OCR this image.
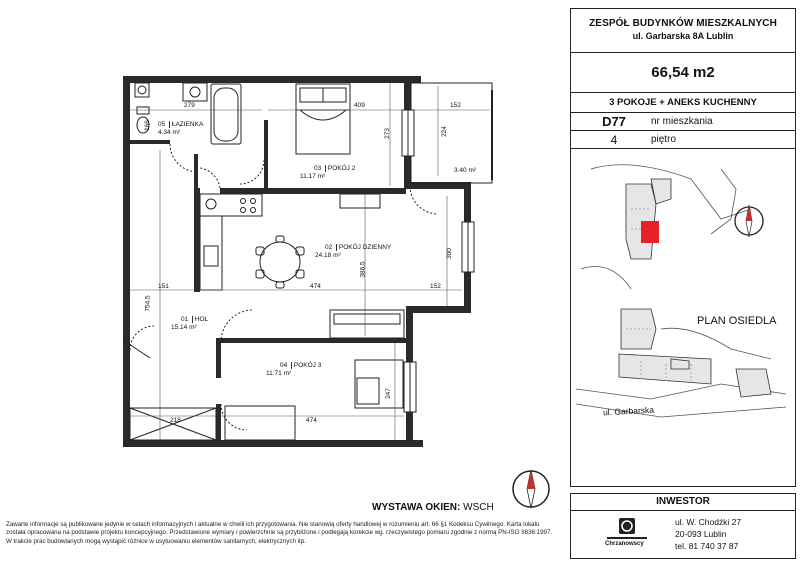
279	409	152
273	224
3.40 m²
166
300
386,5
151	474	152
754,5
247
218	474
05 ŁAZIENKA
4.34 m²
03 POKÓJ 2
11.17 m²
02 POKÓJ DZIENNY
24.18 m²
01 HOL
15.14 m²
04 POKÓJ 3
11.71 m²
WYSTAWA OKIEN: WSCH
Zawarte informacje są publikowane jedynie w celach informacyjnych i aktualne w chwili ich przygotowania. Nie stanowią oferty handlowej w rozumieniu art. 66 §1 Kodeksu Cywilnego. Karta lokalu
została opracowana na podstawie projektu koncepcyjnego. Przedstawione wymiary i powierzchnie są przybliżone i podlegają korekcie wg. rzeczywistego pomiaru zgodnie z normą PN-ISO 9836:1997.
W trakcie prac budowlanych mogą wystąpić różnice w usytuowaniu elementów sanitarnych, elektrycznych itp.
ZESPÓŁ BUDYNKÓW MIESZKALNYCH
ul. Garbarska 8A Lublin
66,54 m2
3 POKOJE + ANEKS KUCHENNY
D77	nr mieszkania
4	piętro
PLAN OSIEDLA
ul. Garbarska
INWESTOR
Chrzanowscy
ul. W. Chodźki 27
20-093 Lublin
tel. 81 740 37 87
